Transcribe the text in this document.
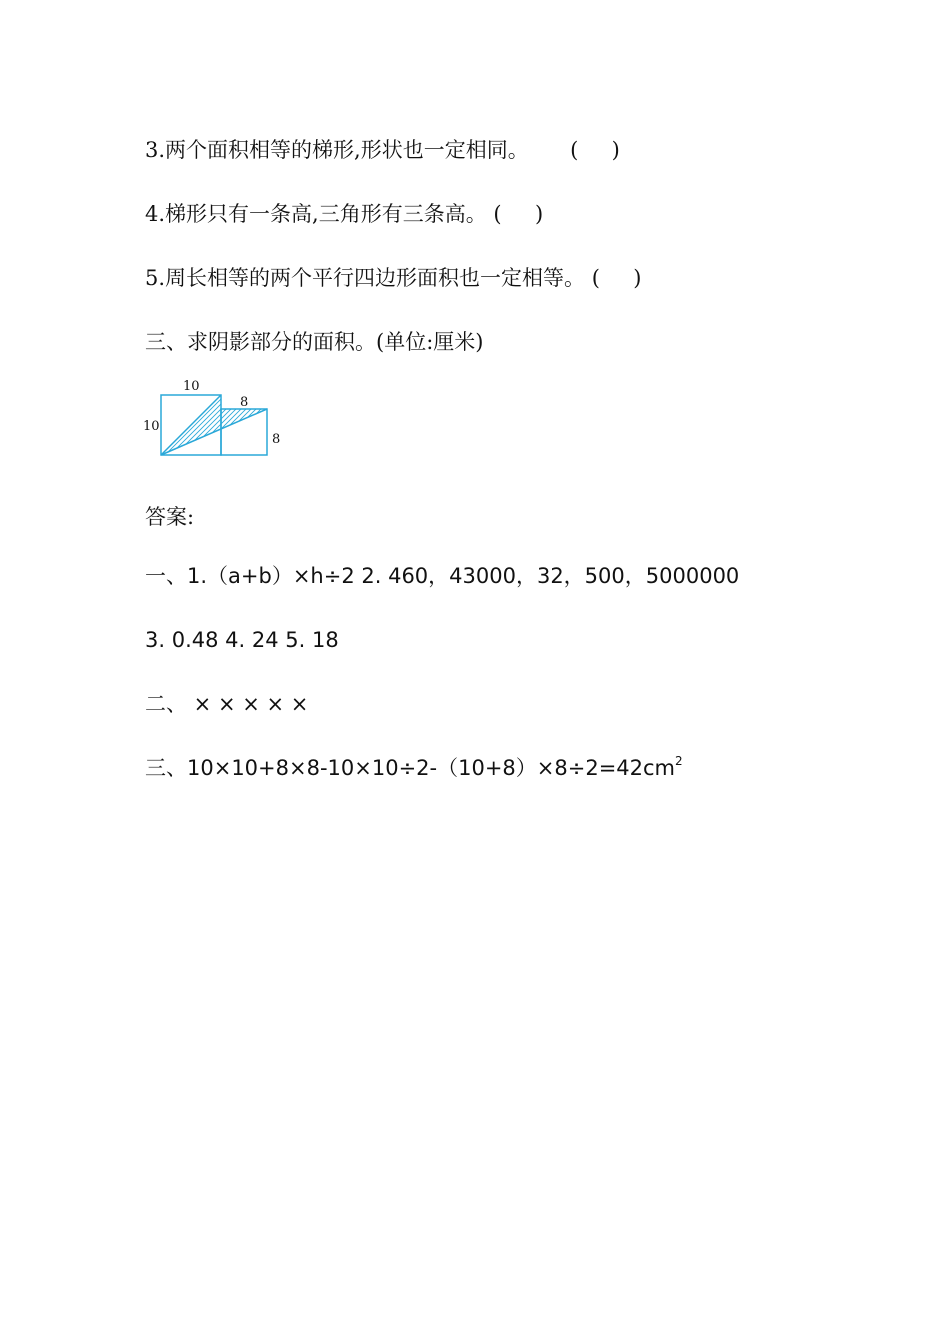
3.两个面积相等的梯形,形状也一定相同。 (     )
4.梯形只有一条高,三角形有三条高。 (     )
5.周长相等的两个平行四边形面积也一定相等。 (     )
三、求阴影部分的面积。(单位:厘米)
10
10
8
8
答案:
一、1.（a+b）×h÷2 2. 460，43000，32，500，5000000
3. 0.48 4. 24 5. 18
二、 × × × × ×
三、$10\times 10+8\times 8-10\times 10\div 2-(10+8)\times 8\div 2=42cm^2$
